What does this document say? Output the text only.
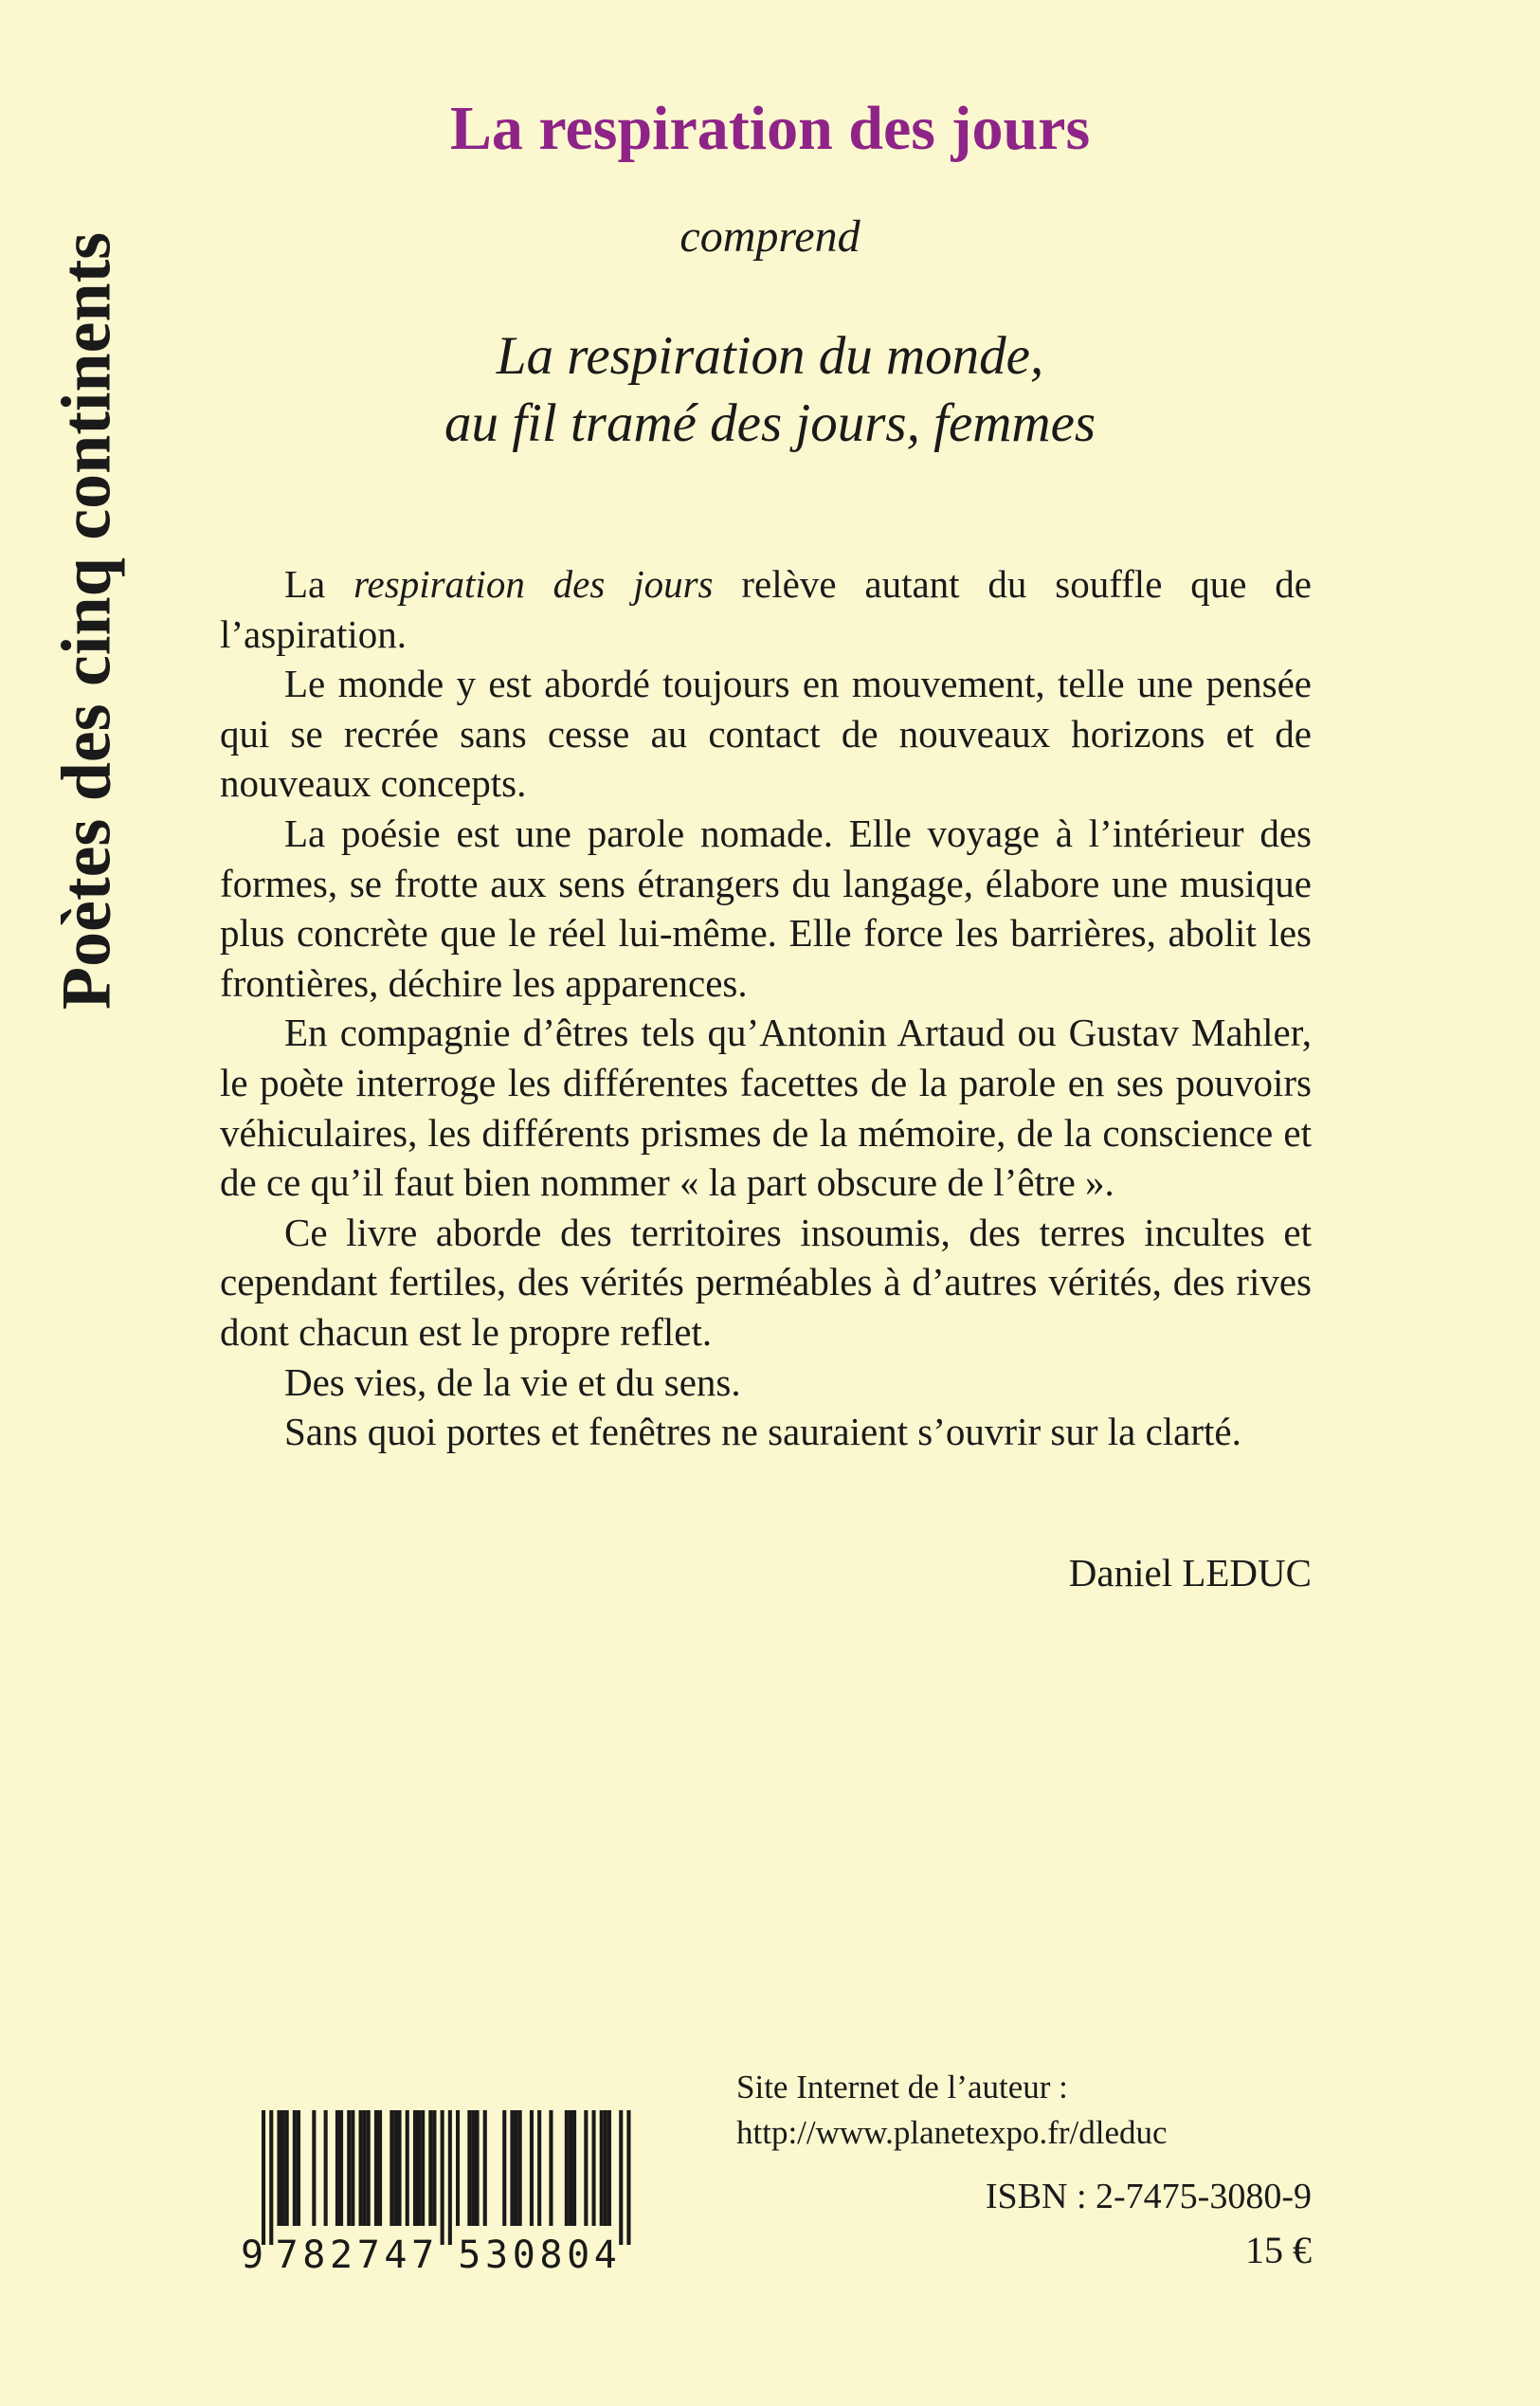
Poètes des cinq continents
La respiration des jours
comprend
La respiration du monde,
au fil tramé des jours, femmes

La respiration des jours relève autant du souffle que de l’aspiration.

Le monde y est abordé toujours en mouvement, telle une pensée qui se recrée sans cesse au contact de nouveaux horizons et de nouveaux concepts.

La poésie est une parole nomade. Elle voyage à l’intérieur des formes, se frotte aux sens étrangers du langage, élabore une musique plus concrète que le réel lui-même. Elle force les barrières, abolit les frontières, déchire les apparences.

En compagnie d’êtres tels qu’Antonin Artaud ou Gustav Mahler, le poète interroge les différentes facettes de la parole en ses pouvoirs véhiculaires, les différents prismes de la mémoire, de la conscience et de ce qu’il faut bien nommer « la part obscure de l’être ».

Ce livre aborde des territoires insoumis, des terres incultes et cependant fertiles, des vérités perméables à d’autres vérités, des rives dont chacun est le propre reflet.

Des vies, de la vie et du sens.

Sans quoi portes et fenêtres ne sauraient s’ouvrir sur la clarté.

Daniel LEDUC
Site Internet de l’auteur :
http://www.planetexpo.fr/dleduc
ISBN : 2-7475-3080-9
15 €
9 7 8 2 7 4 7 5 3 0 8 0 4
